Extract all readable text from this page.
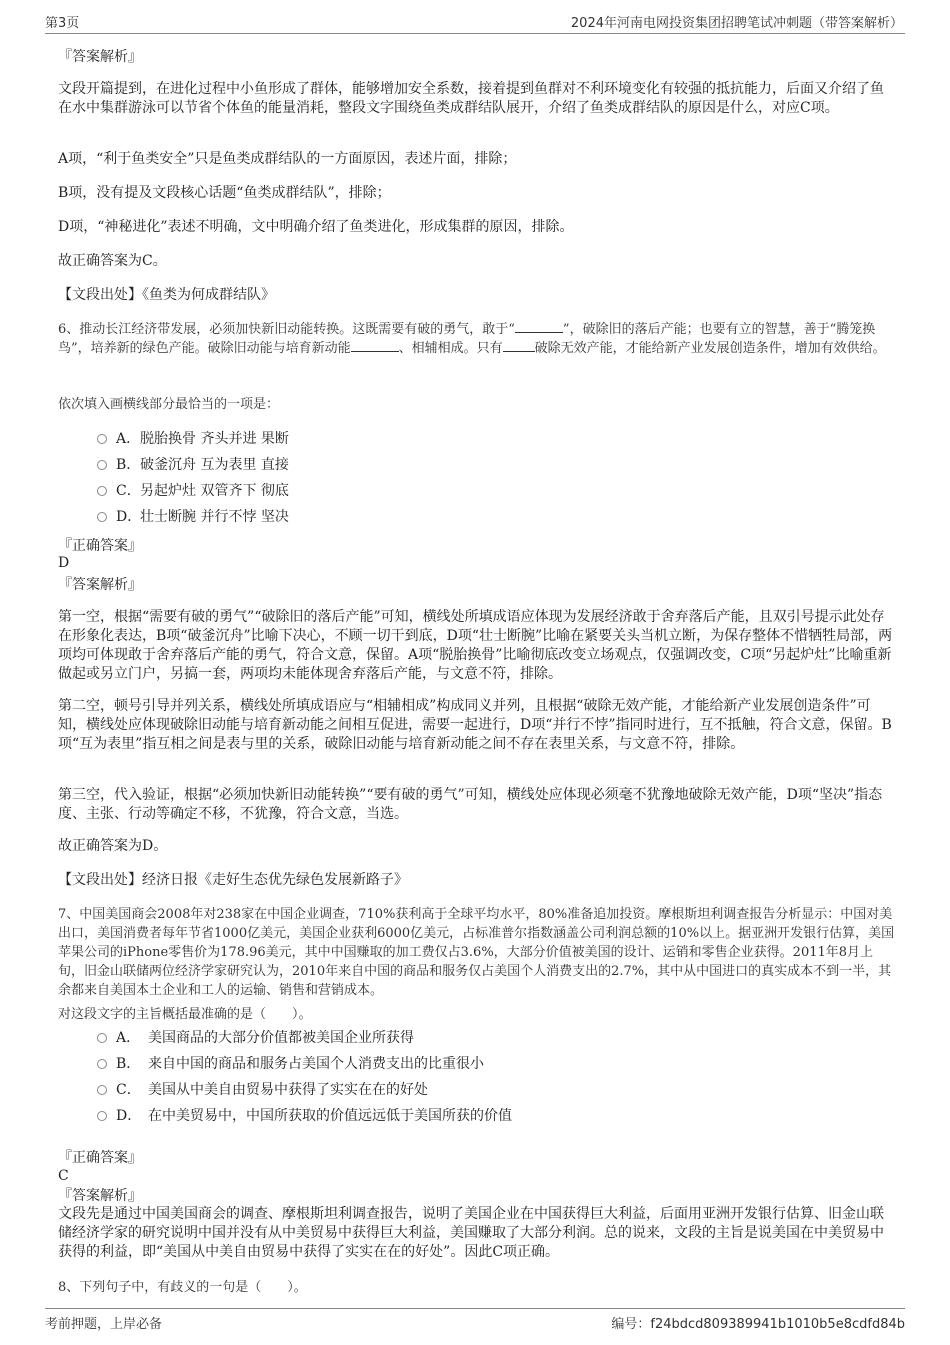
第3页	2024年河南电网投资集团招聘笔试冲刺题（带答案解析）
『答案解析』

文段开篇提到，在进化过程中小鱼形成了群体，能够增加安全系数，接着提到鱼群对不利环境变化有较强的抵抗能力，后面又介绍了鱼在水中集群游泳可以节省个体鱼的能量消耗，整段文字围绕鱼类成群结队展开，介绍了鱼类成群结队的原因是什么，对应C项。

A项，“利于鱼类安全”只是鱼类成群结队的一方面原因，表述片面，排除；

B项，没有提及文段核心话题“鱼类成群结队”，排除；

D项，“神秘进化”表述不明确，文中明确介绍了鱼类进化，形成集群的原因，排除。

故正确答案为C。

【文段出处】《鱼类为何成群结队》

6、推动长江经济带发展，必须加快新旧动能转换。这既需要有破的勇气，敢于“	”，破除旧的落后产能；也要有立的智慧，善于“腾笼换鸟”，培养新的绿色产能。破除旧动能与培育新动能	、相辅相成。只有 破除无效产能，才能给新产业发展创造条件，增加有效供给。

依次填入画横线部分最恰当的一项是：

A．脱胎换骨 齐头并进 果断
B．破釜沉舟 互为表里 直接
C．另起炉灶 双管齐下 彻底
D．壮士断腕 并行不悖 坚决
『正确答案』
D
『答案解析』

第一空，根据“需要有破的勇气”“破除旧的落后产能”可知，横线处所填成语应体现为发展经济敢于舍弃落后产能，且双引号提示此处存在形象化表达，B项“破釜沉舟”比喻下决心，不顾一切干到底，D项“壮士断腕”比喻在紧要关头当机立断，为保存整体不惜牺牲局部，两项均可体现敢于舍弃落后产能的勇气，符合文意，保留。A项“脱胎换骨”比喻彻底改变立场观点，仅强调改变，C项“另起炉灶”比喻重新做起或另立门户，另搞一套，两项均未能体现舍弃落后产能，与文意不符，排除。

第二空，顿号引导并列关系，横线处所填成语应与“相辅相成”构成同义并列，且根据“破除无效产能，才能给新产业发展创造条件”可知，横线处应体现破除旧动能与培育新动能之间相互促进，需要一起进行，D项“并行不悖”指同时进行，互不抵触，符合文意，保留。B项“互为表里”指互相之间是表与里的关系，破除旧动能与培育新动能之间不存在表里关系，与文意不符，排除。

第三空，代入验证，根据“必须加快新旧动能转换”“要有破的勇气”可知，横线处应体现必须毫不犹豫地破除无效产能，D项“坚决”指态度、主张、行动等确定不移，不犹豫，符合文意，当选。

故正确答案为D。

【文段出处】经济日报《走好生态优先绿色发展新路子》

7、中国美国商会2008年对238家在中国企业调查，710%获利高于全球平均水平，80%准备追加投资。摩根斯坦利调查报告分析显示：中国对美出口，美国消费者每年节省1000亿美元，美国企业获利6000亿美元，占标准普尔指数涵盖公司利润总额的10%以上。据亚洲开发银行估算，美国苹果公司的iPhone零售价为178.96美元，其中中国赚取的加工费仅占3.6%，大部分价值被美国的设计、运销和零售企业获得。2011年8月上旬，旧金山联储两位经济学家研究认为，2010年来自中国的商品和服务仅占美国个人消费支出的2.7%，其中从中国进口的真实成本不到一半，其余都来自美国本土企业和工人的运输、销售和营销成本。

对这段文字的主旨概括最准确的是（　　）。

A． 美国商品的大部分价值都被美国企业所获得
B． 来自中国的商品和服务占美国个人消费支出的比重很小
C． 美国从中美自由贸易中获得了实实在在的好处
D． 在中美贸易中，中国所获取的价值远远低于美国所获的价值
『正确答案』
C
『答案解析』

文段先是通过中国美国商会的调查、摩根斯坦利调查报告，说明了美国企业在中国获得巨大利益，后面用亚洲开发银行估算、旧金山联储经济学家的研究说明中国并没有从中美贸易中获得巨大利益，美国赚取了大部分利润。总的说来，文段的主旨是说美国在中美贸易中获得的利益，即“美国从中美自由贸易中获得了实实在在的好处”。因此C项正确。

8、下列句子中，有歧义的一句是（　　）。

考前押题，上岸必备	编号：f24bdcd809389941b1010b5e8cdfd84b
